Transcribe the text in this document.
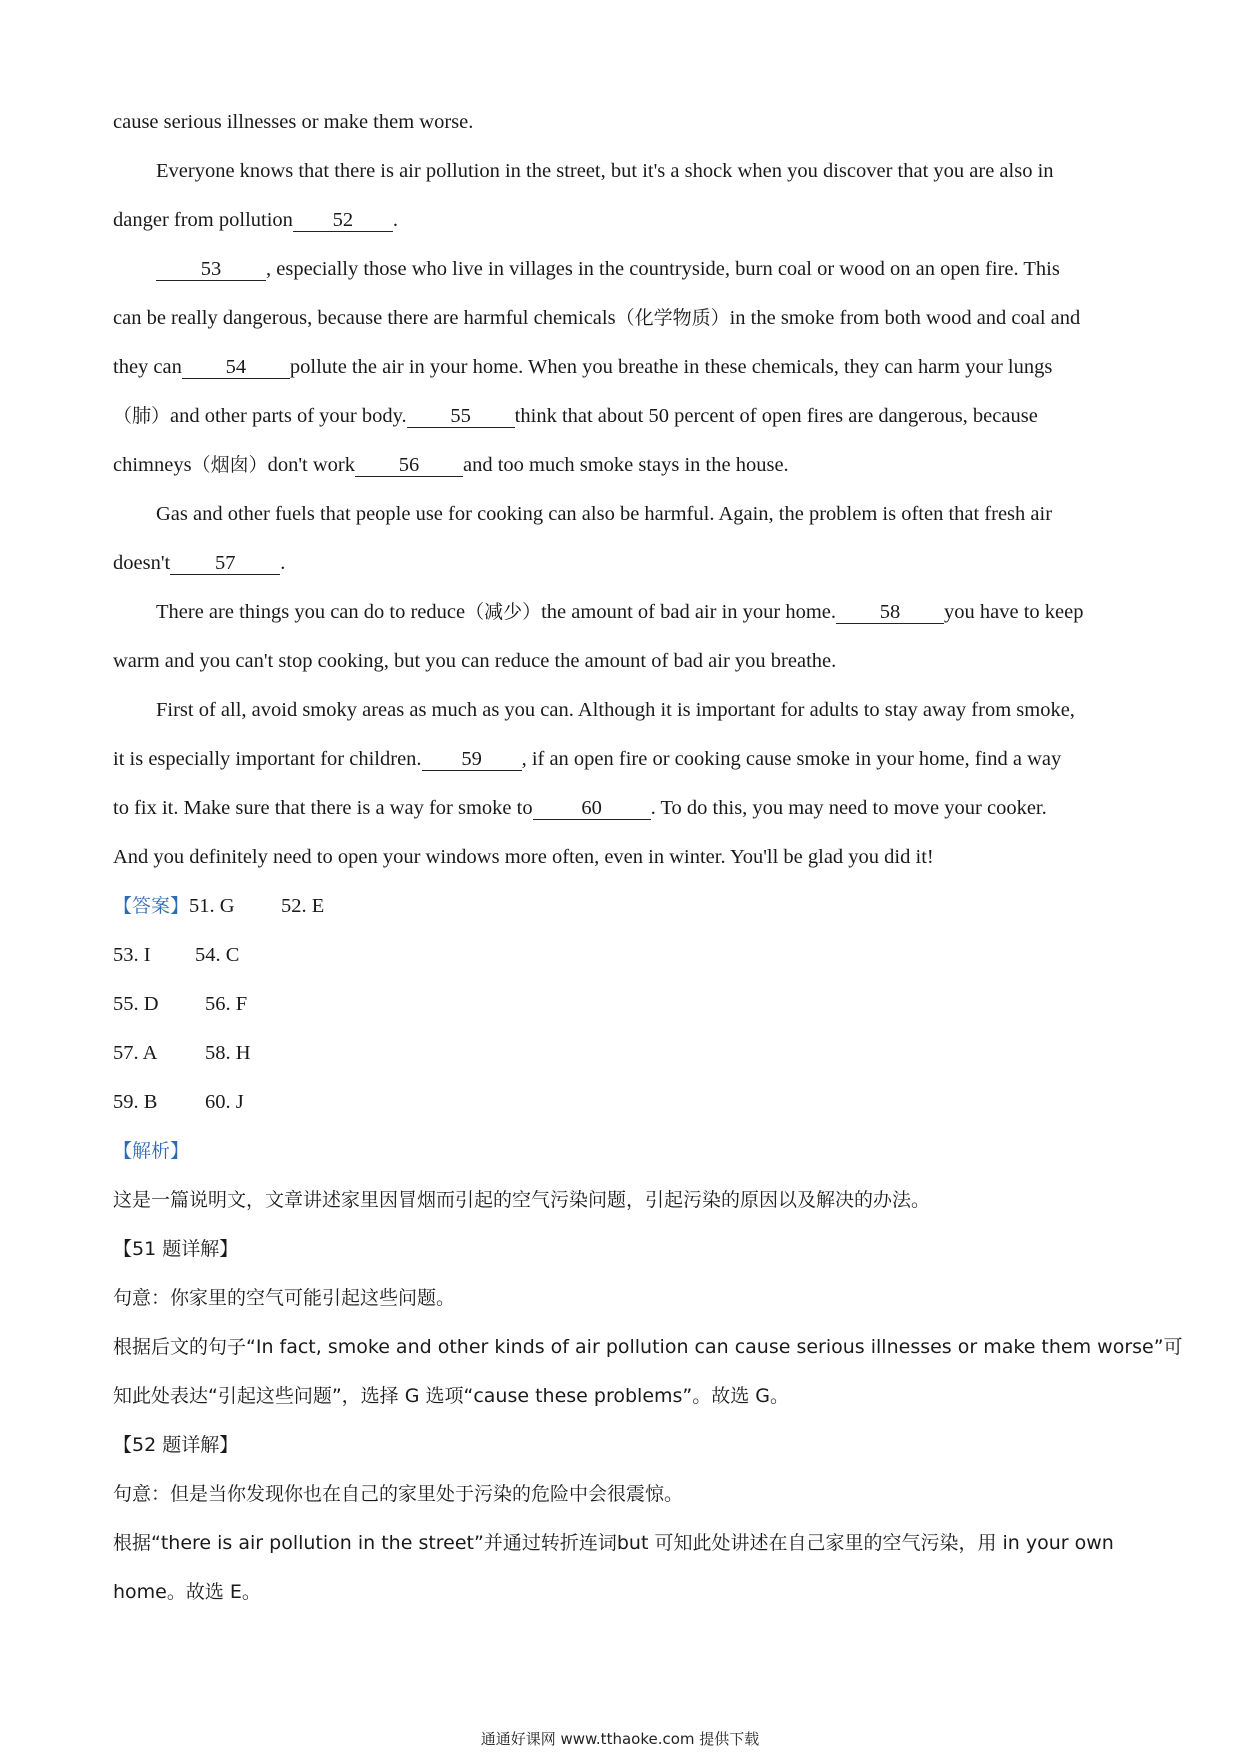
cause serious illnesses or make them worse.
Everyone knows that there is air pollution in the street, but it's a shock when you discover that you are also in
danger from pollution 52 .
53 , especially those who live in villages in the countryside, burn coal or wood on an open fire. This
can be really dangerous, because there are harmful chemicals（化学物质）in the smoke from both wood and coal and
they can 54 pollute the air in your home. When you breathe in these chemicals, they can harm your lungs
（肺）and other parts of your body. 55 think that about 50 percent of open fires are dangerous, because
chimneys（烟囱）don't work 56 and too much smoke stays in the house.
Gas and other fuels that people use for cooking can also be harmful. Again, the problem is often that fresh air
doesn't 57 .
There are things you can do to reduce（减少）the amount of bad air in your home. 58 you have to keep
warm and you can't stop cooking, but you can reduce the amount of bad air you breathe.
First of all, avoid smoky areas as much as you can. Although it is important for adults to stay away from smoke,
it is especially important for children. 59 , if an open fire or cooking cause smoke in your home, find a way
to fix it. Make sure that there is a way for smoke to 60 . To do this, you may need to move your cooker.
And you definitely need to open your windows more often, even in winter. You'll be glad you did it!
【答案】51. G 52. E
53. I 54. C
55. D 56. F
57. A 58. H
59. B 60. J
【解析】
这是一篇说明文，文章讲述家里因冒烟而引起的空气污染问题，引起污染的原因以及解决的办法。
【51 题详解】
句意：你家里的空气可能引起这些问题。
根据后文的句子“In fact, smoke and other kinds of air pollution can cause serious illnesses or make them worse”可
知此处表达“引起这些问题”，选择 G 选项“cause these problems”。故选 G。
【52 题详解】
句意：但是当你发现你也在自己的家里处于污染的危险中会很震惊。
根据“there is air pollution in the street”并通过转折连词but 可知此处讲述在自己家里的空气污染，用 in your own
home。故选 E。
通通好课网 www.tthaoke.com 提供下载
